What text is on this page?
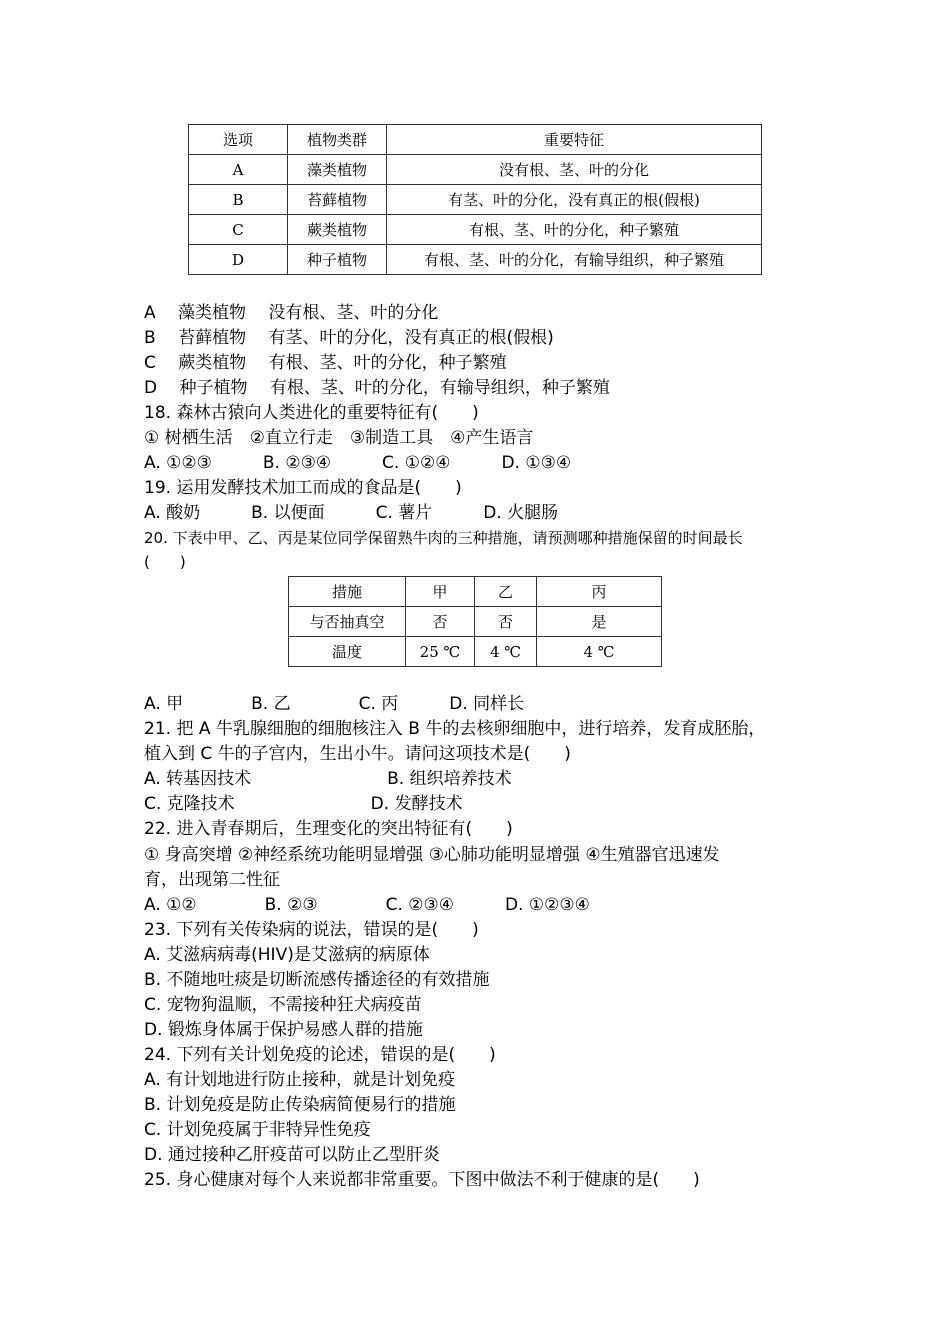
选项	植物类群	重要特征
A	藻类植物	没有根、茎、叶的分化
B	苔藓植物	有茎、叶的分化，没有真正的根(假根)
C	蕨类植物	有根、茎、叶的分化，种子繁殖
D	种子植物	有根、茎、叶的分化，有输导组织，种子繁殖
A　 藻类植物　 没有根、茎、叶的分化
B　 苔藓植物　 有茎、叶的分化，没有真正的根(假根)
C　 蕨类植物　 有根、茎、叶的分化，种子繁殖
D　 种子植物　 有根、茎、叶的分化，有输导组织，种子繁殖
18. 森林古猿向人类进化的重要特征有(　　)
① 树栖生活　②直立行走　③制造工具　④产生语言
A. ①②③　　　B. ②③④　　　C. ①②④　　　D. ①③④
19. 运用发酵技术加工而成的食品是(　　)
A. 酸奶　　　B. 以便面　　　C. 薯片　　　D. 火腿肠
20. 下表中甲、乙、丙是某位同学保留熟牛肉的三种措施，请预测哪种措施保留的时间最长
(　　)
措施	甲	乙	丙
与否抽真空	否	否	是
温度	25 ℃	4 ℃	4 ℃
A. 甲　　　　B. 乙　　　　C. 丙　　　D. 同样长
21. 把 A 牛乳腺细胞的细胞核注入 B 牛的去核卵细胞中，进行培养，发育成胚胎，
植入到 C 牛的子宫内，生出小牛。请问这项技术是(　　)
A. 转基因技术　　　　　　　　B. 组织培养技术
C. 克隆技术　　　　　　　　D. 发酵技术
22. 进入青春期后，生理变化的突出特征有(　　)
① 身高突增 ②神经系统功能明显增强 ③心肺功能明显增强 ④生殖器官迅速发
育，出现第二性征
A. ①②　　　　B. ②③　　　　C. ②③④　　　D. ①②③④
23. 下列有关传染病的说法，错误的是(　　)
A. 艾滋病病毒(HIV)是艾滋病的病原体
B. 不随地吐痰是切断流感传播途径的有效措施
C. 宠物狗温顺，不需接种狂犬病疫苗
D. 锻炼身体属于保护易感人群的措施
24. 下列有关计划免疫的论述，错误的是(　　)
A. 有计划地进行防止接种，就是计划免疫
B. 计划免疫是防止传染病简便易行的措施
C. 计划免疫属于非特异性免疫
D. 通过接种乙肝疫苗可以防止乙型肝炎
25. 身心健康对每个人来说都非常重要。下图中做法不利于健康的是(　　)
